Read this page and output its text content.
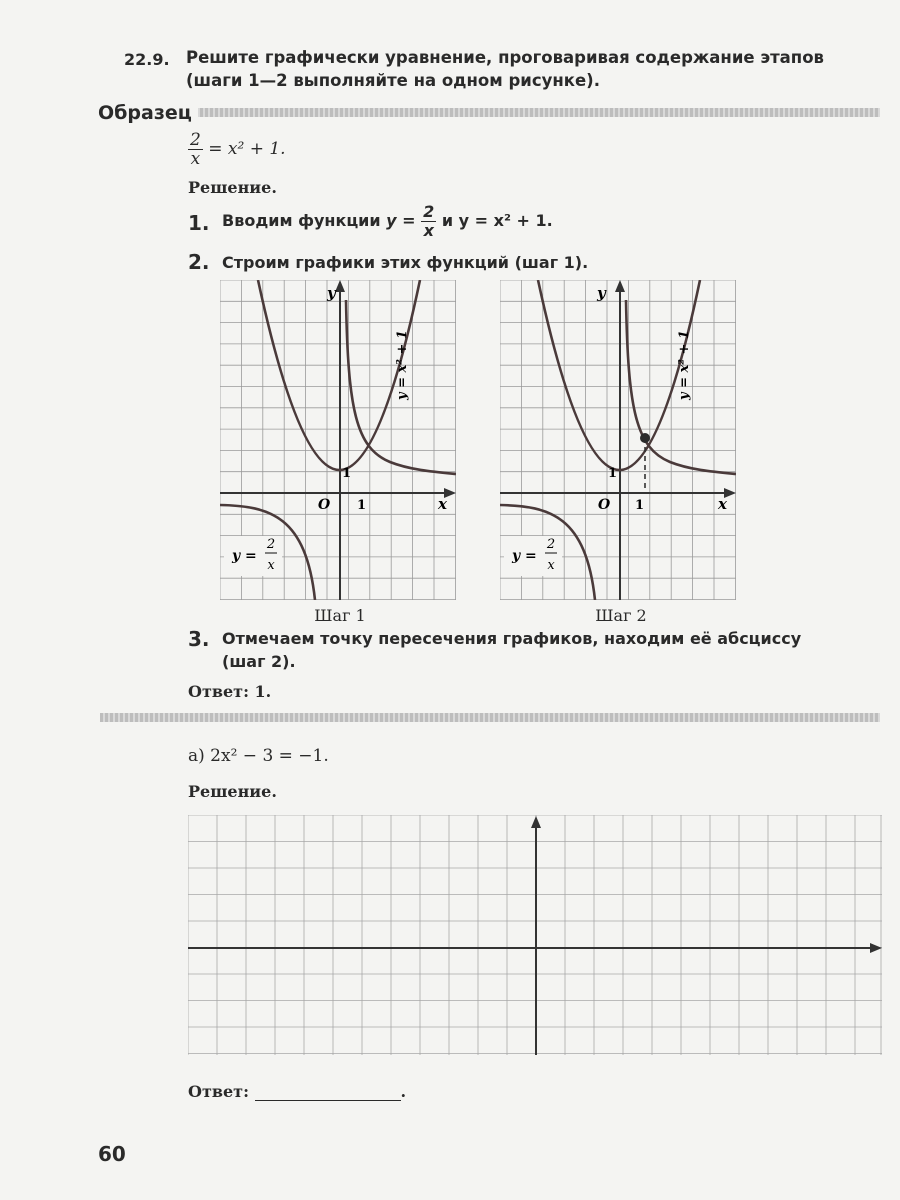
22.9. Решите графически уравнение, проговаривая содержание этапов
(шаги 1—2 выполняйте на одном рисунке).
Образец
$\frac{2}{x} = x^2 + 1$.
Решение.
1. Вводим функции $y = \frac{2}{x}$ и y = x² + 1.
2. Строим графики этих функций (шаг 1).
y
x
O 1
1
y = x² + 1
y =
2
x
Шаг 1
y
x
O 1
1
y = x² + 1
y =
2
x
Шаг 2
3. Отмечаем точку пересечения графиков, находим её абсциссу
(шаг 2).
Ответ: 1.
а) 2x² − 3 = −1.
Решение.
Ответ:	.
60
